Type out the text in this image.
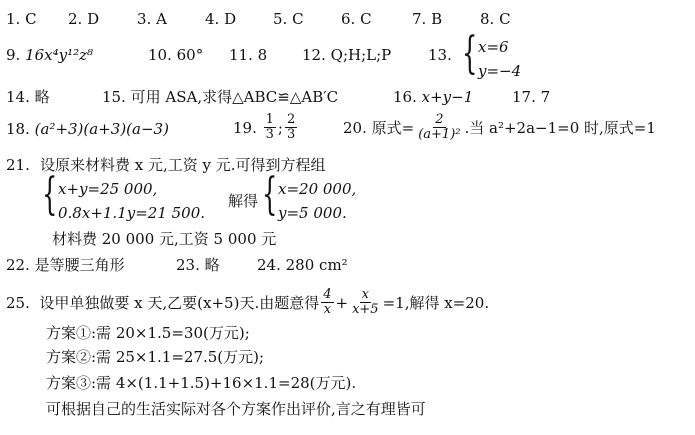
1. C 2. D	3. A	4. D 5. C 6. C	7. B	8. C
9. 16x⁴y¹²z⁸	10. 60° 11. 8 12. Q;H;L;P 13. { x=6
y=−4
14. 略	15. 可用 ASA,求得△ABC≌△AB′C	16. x+y−1	17. 7
18. (a²+3)(a+3)(a−3)	19.
$\frac{1}{3}$ ; $\frac{2}{3}$	20.
原式= $\frac{2}{\text{(a+1)²}}$ .当 a²+2a−1=0 时,原式=1
21. 设原来材料费 x 元,工资 y 元.可得到方程组
{ x+y=25 000,
0.8x+1.1y=21 500.
解得 { x=20 000,
y=5 000.
材料费 20 000 元,工资 5 000 元
22. 是等腰三角形	23. 略 24. 280 cm²
25.
设甲单独做要 x 天,乙要(x+5)天.由题意得 $\frac{4}{x} + \frac{x}{x+5} =1$,解得 x=20.
方案①:需 20×1.5=30(万元);
方案②:需 25×1.1=27.5(万元);
方案③:需 4×(1.1+1.5)+16×1.1=28(万元).
可根据自己的生活实际对各个方案作出评价,言之有理皆可
